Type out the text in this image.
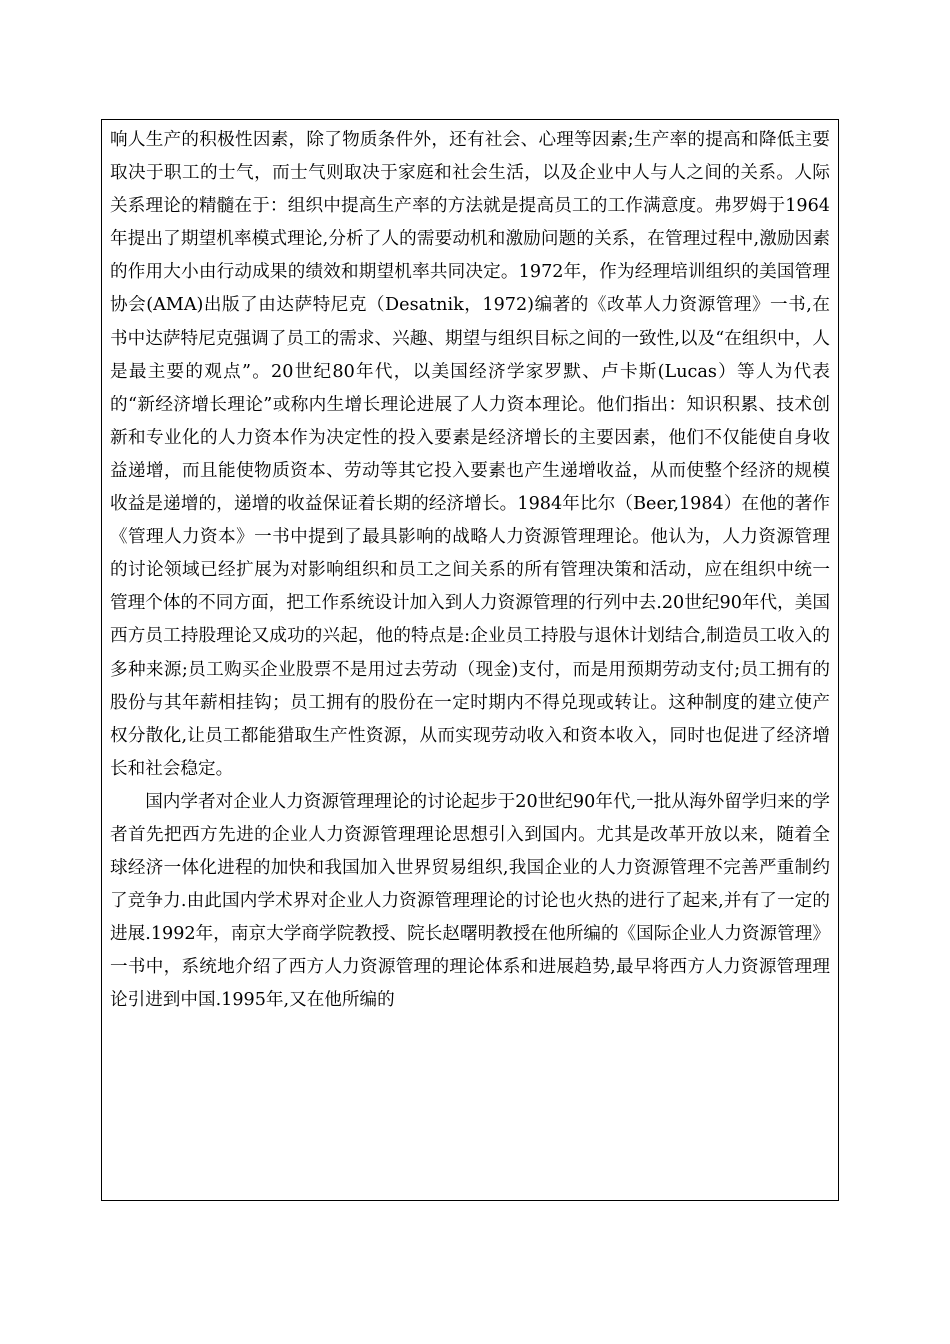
响人生产的积极性因素，除了物质条件外，还有社会、心理等因素;生产率的提高和降低主要取决于职工的士气，而士气则取决于家庭和社会生活，以及企业中人与人之间的关系。人际关系理论的精髓在于：组织中提高生产率的方法就是提高员工的工作满意度。弗罗姆于1964年提出了期望机率模式理论,分析了人的需要动机和激励问题的关系，在管理过程中,激励因素的作用大小由行动成果的绩效和期望机率共同决定。1972年，作为经理培训组织的美国管理协会(AMA)出版了由达萨特尼克（Desatnik，1972)编著的《改革人力资源管理》一书,在书中达萨特尼克强调了员工的需求、兴趣、期望与组织目标之间的一致性,以及“在组织中，人是最主要的观点”。20世纪80年代，以美国经济学家罗默、卢卡斯(Lucas）等人为代表的“新经济增长理论”或称内生增长理论进展了人力资本理论。他们指出：知识积累、技术创新和专业化的人力资本作为决定性的投入要素是经济增长的主要因素，他们不仅能使自身收益递增，而且能使物质资本、劳动等其它投入要素也产生递增收益，从而使整个经济的规模收益是递增的，递增的收益保证着长期的经济增长。1984年比尔（Beer,1984）在他的著作《管理人力资本》一书中提到了最具影响的战略人力资源管理理论。他认为，人力资源管理的讨论领域已经扩展为对影响组织和员工之间关系的所有管理决策和活动，应在组织中统一管理个体的不同方面，把工作系统设计加入到人力资源管理的行列中去.20世纪90年代，美国西方员工持股理论又成功的兴起，他的特点是:企业员工持股与退休计划结合,制造员工收入的多种来源;员工购买企业股票不是用过去劳动（现金)支付，而是用预期劳动支付;员工拥有的股份与其年薪相挂钩；员工拥有的股份在一定时期内不得兑现或转让。这种制度的建立使产权分散化,让员工都能猎取生产性资源，从而实现劳动收入和资本收入，同时也促进了经济增长和社会稳定。

国内学者对企业人力资源管理理论的讨论起步于20世纪90年代,一批从海外留学归来的学者首先把西方先进的企业人力资源管理理论思想引入到国内。尤其是改革开放以来，随着全球经济一体化进程的加快和我国加入世界贸易组织,我国企业的人力资源管理不完善严重制约了竞争力.由此国内学术界对企业人力资源管理理论的讨论也火热的进行了起来,并有了一定的进展.1992年，南京大学商学院教授、院长赵曙明教授在他所编的《国际企业人力资源管理》一书中，系统地介绍了西方人力资源管理的理论体系和进展趋势,最早将西方人力资源管理理论引进到中国.1995年,又在他所编的
